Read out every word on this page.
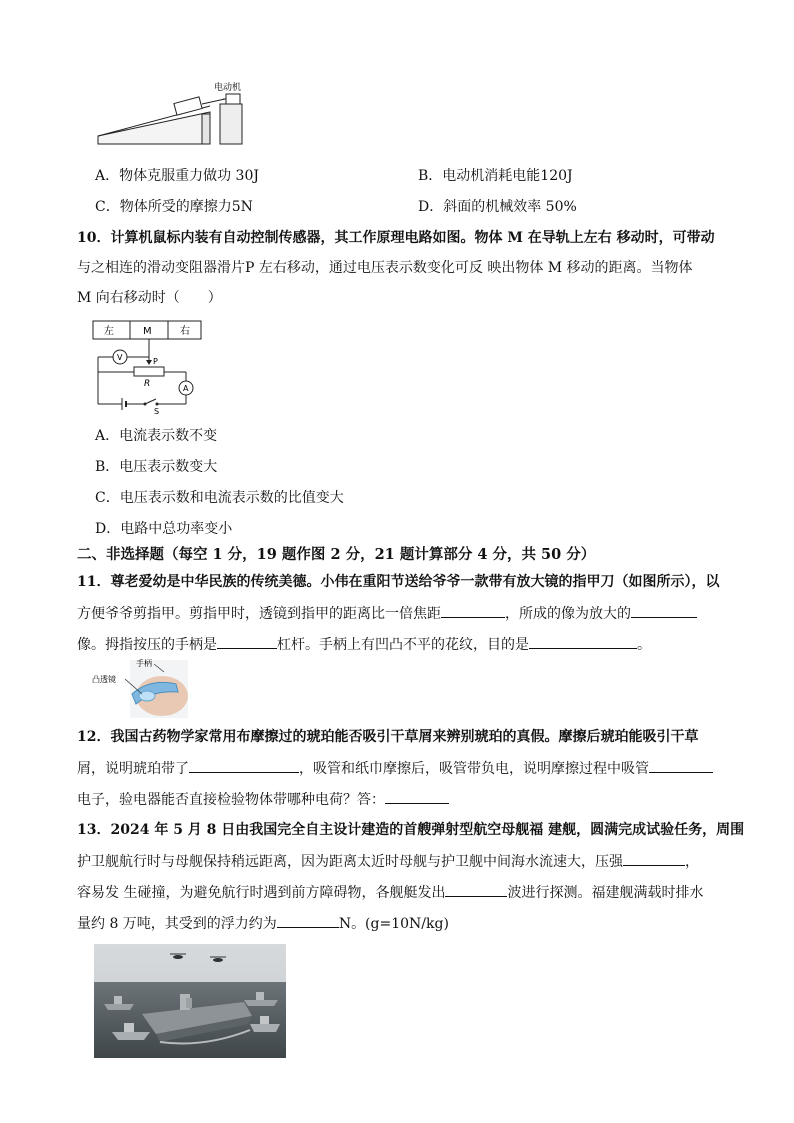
电动机
A．物体克服重力做功 30J	B．电动机消耗电能120J
C．物体所受的摩擦力5N	D．斜面的机械效率 50%
10．计算机鼠标内装有自动控制传感器，其工作原理电路如图。物体 M 在导轨上左右 移动时，可带动
与之相连的滑动变阻器滑片P 左右移动，通过电压表示数变化可反 映出物体 M 移动的距离。当物体
M 向右移动时（　　）
左	M	右
P
V
R	A
S
A．电流表示数不变
B．电压表示数变大
C．电压表示数和电流表示数的比值变大
D．电路中总功率变小
二、非选择题（每空 1 分，19 题作图 2 分，21 题计算部分 4 分，共 50 分）
11．尊老爱幼是中华民族的传统美德。小伟在重阳节送给爷爷一款带有放大镜的指甲刀（如图所示），以
方便爷爷剪指甲。剪指甲时，透镜到指甲的距离比一倍焦距	，所成的像为放大的
像。拇指按压的手柄是	杠杆。手柄上有凹凸不平的花纹，目的是	。
手柄
凸透镜
12．我国古药物学家常用布摩擦过的琥珀能否吸引干草屑来辨别琥珀的真假。摩擦后琥珀能吸引干草
屑，说明琥珀带了	，吸管和纸巾摩擦后，吸管带负电，说明摩擦过程中吸管
电子，验电器能否直接检验物体带哪种电荷？答：
13．2024 年 5 月 8 日由我国完全自主设计建造的首艘弹射型航空母舰福 建舰，圆满完成试验任务，周围
护卫舰航行时与母舰保持稍远距离，因为距离太近时母舰与护卫舰中间海水流速大，压强	，
容易发 生碰撞，为避免航行时遇到前方障碍物，各舰艇发出	波进行探测。福建舰满载时排水
量约 8 万吨，其受到的浮力约为	N。(g=10N/kg)
